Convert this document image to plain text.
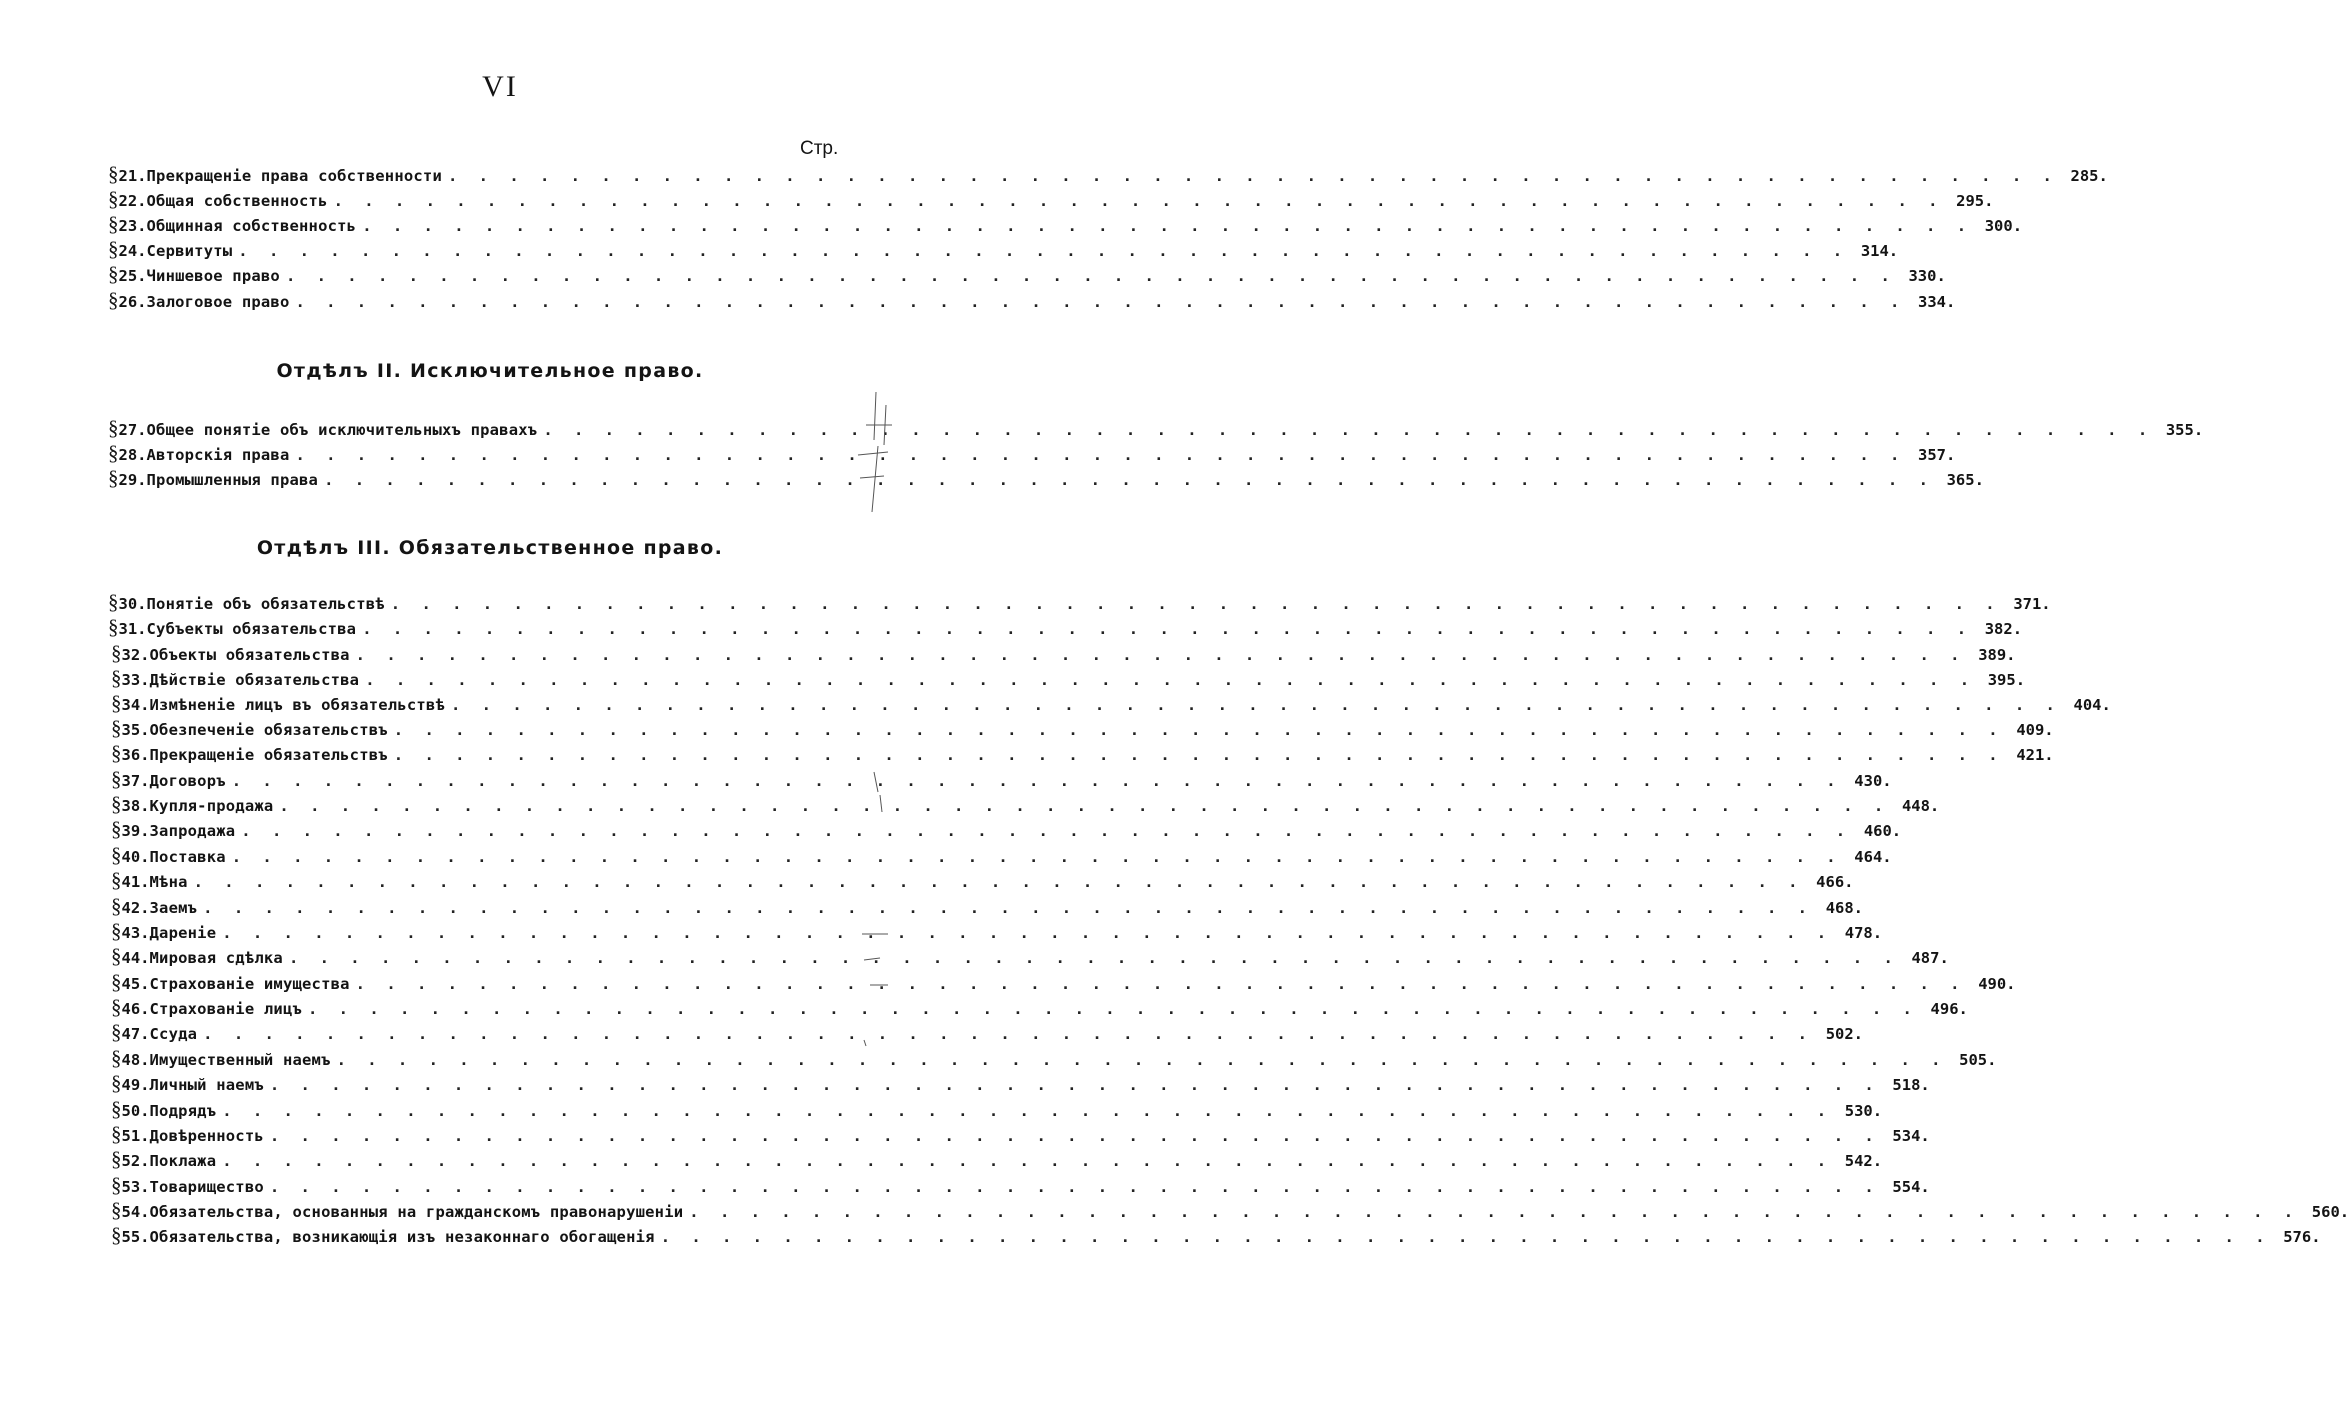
VI
Стр.
§ 21. Прекращеніе права собственности . . . . . . . . . . . . . . . . . . . . . . . . . . . . . . . . . . . . . . . . . . . . . . . . . . . . . 285.
§ 22. Общая собственность . . . . . . . . . . . . . . . . . . . . . . . . . . . . . . . . . . . . . . . . . . . . . . . . . . . . . 295.
§ 23. Общинная собственность . . . . . . . . . . . . . . . . . . . . . . . . . . . . . . . . . . . . . . . . . . . . . . . . . . . . . 300.
§ 24. Сервитуты . . . . . . . . . . . . . . . . . . . . . . . . . . . . . . . . . . . . . . . . . . . . . . . . . . . . . 314.
§ 25. Чиншевое право . . . . . . . . . . . . . . . . . . . . . . . . . . . . . . . . . . . . . . . . . . . . . . . . . . . . . 330.
§ 26. Залоговое право . . . . . . . . . . . . . . . . . . . . . . . . . . . . . . . . . . . . . . . . . . . . . . . . . . . . . 334.
Отдѣлъ II. Исключительное право.
§ 27. Общее понятіе объ исключительныхъ правахъ . . . . . . . . . . . . . . . . . . . . . . . . . . . . . . . . . . . . . . . . . . . . . . . . . . . . . 355.
§ 28. Авторскія права . . . . . . . . . . . . . . . . . . . . . . . . . . . . . . . . . . . . . . . . . . . . . . . . . . . . . 357.
§ 29. Промышленныя права . . . . . . . . . . . . . . . . . . . . . . . . . . . . . . . . . . . . . . . . . . . . . . . . . . . . . 365.
Отдѣлъ III. Обязательственное право.
§ 30. Понятіе объ обязательствѣ . . . . . . . . . . . . . . . . . . . . . . . . . . . . . . . . . . . . . . . . . . . . . . . . . . . . . 371.
§ 31. Субъекты обязательства . . . . . . . . . . . . . . . . . . . . . . . . . . . . . . . . . . . . . . . . . . . . . . . . . . . . . 382.
§ 32. Объекты обязательства . . . . . . . . . . . . . . . . . . . . . . . . . . . . . . . . . . . . . . . . . . . . . . . . . . . . . 389.
§ 33. Дѣйствіе обязательства . . . . . . . . . . . . . . . . . . . . . . . . . . . . . . . . . . . . . . . . . . . . . . . . . . . . . 395.
§ 34. Измѣненіе лицъ въ обязательствѣ . . . . . . . . . . . . . . . . . . . . . . . . . . . . . . . . . . . . . . . . . . . . . . . . . . . . . 404.
§ 35. Обезпеченіе обязательствъ . . . . . . . . . . . . . . . . . . . . . . . . . . . . . . . . . . . . . . . . . . . . . . . . . . . . . 409.
§ 36. Прекращеніе обязательствъ . . . . . . . . . . . . . . . . . . . . . . . . . . . . . . . . . . . . . . . . . . . . . . . . . . . . . 421.
§ 37. Договоръ . . . . . . . . . . . . . . . . . . . . . . . . . . . . . . . . . . . . . . . . . . . . . . . . . . . . . 430.
§ 38. Купля-продажа . . . . . . . . . . . . . . . . . . . . . . . . . . . . . . . . . . . . . . . . . . . . . . . . . . . . . 448.
§ 39. Запродажа . . . . . . . . . . . . . . . . . . . . . . . . . . . . . . . . . . . . . . . . . . . . . . . . . . . . . 460.
§ 40. Поставка . . . . . . . . . . . . . . . . . . . . . . . . . . . . . . . . . . . . . . . . . . . . . . . . . . . . . 464.
§ 41. Мѣна . . . . . . . . . . . . . . . . . . . . . . . . . . . . . . . . . . . . . . . . . . . . . . . . . . . . . 466.
§ 42. Заемъ . . . . . . . . . . . . . . . . . . . . . . . . . . . . . . . . . . . . . . . . . . . . . . . . . . . . . 468.
§ 43. Дареніе . . . . . . . . . . . . . . . . . . . . . . . . . . . . . . . . . . . . . . . . . . . . . . . . . . . . . 478.
§ 44. Мировая сдѣлка . . . . . . . . . . . . . . . . . . . . . . . . . . . . . . . . . . . . . . . . . . . . . . . . . . . . . 487.
§ 45. Страхованіе имущества . . . . . . . . . . . . . . . . . . . . . . . . . . . . . . . . . . . . . . . . . . . . . . . . . . . . . 490.
§ 46. Страхованіе лицъ . . . . . . . . . . . . . . . . . . . . . . . . . . . . . . . . . . . . . . . . . . . . . . . . . . . . . 496.
§ 47. Ссуда . . . . . . . . . . . . . . . . . . . . . . . . . . . . . . . . . . . . . . . . . . . . . . . . . . . . . 502.
§ 48. Имущественный наемъ . . . . . . . . . . . . . . . . . . . . . . . . . . . . . . . . . . . . . . . . . . . . . . . . . . . . . 505.
§ 49. Личный наемъ . . . . . . . . . . . . . . . . . . . . . . . . . . . . . . . . . . . . . . . . . . . . . . . . . . . . . 518.
§ 50. Подрядъ . . . . . . . . . . . . . . . . . . . . . . . . . . . . . . . . . . . . . . . . . . . . . . . . . . . . . 530.
§ 51. Довѣренность . . . . . . . . . . . . . . . . . . . . . . . . . . . . . . . . . . . . . . . . . . . . . . . . . . . . . 534.
§ 52. Поклажа . . . . . . . . . . . . . . . . . . . . . . . . . . . . . . . . . . . . . . . . . . . . . . . . . . . . . 542.
§ 53. Товарищество . . . . . . . . . . . . . . . . . . . . . . . . . . . . . . . . . . . . . . . . . . . . . . . . . . . . . 554.
§ 54. Обязательства, основанныя на гражданскомъ правонарушеніи . . . . . . . . . . . . . . . . . . . . . . . . . . . . . . . . . . . . . . . . . . . . . . . . . . . . . 560.
§ 55. Обязательства, возникающія изъ незаконнаго обогащенія . . . . . . . . . . . . . . . . . . . . . . . . . . . . . . . . . . . . . . . . . . . . . . . . . . . . . 576.
